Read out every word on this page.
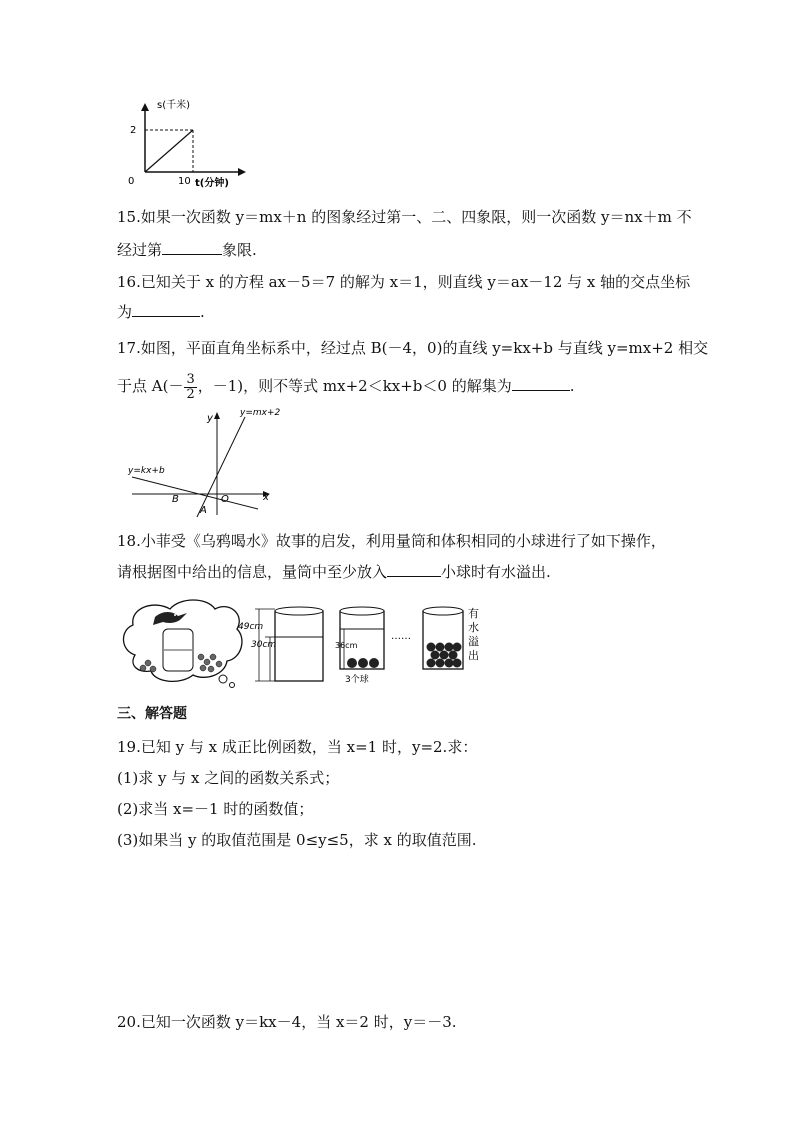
s(千米)
2
0	10 t(分钟)
15.如果一次函数 y＝mx＋n 的图象经过第一、二、四象限，则一次函数 y＝nx＋m 不
经过第	象限.
16.已知关于 x 的方程 ax－5＝7 的解为 x＝1，则直线 y＝ax－12 与 x 轴的交点坐标
为	.
17.如图，平面直角坐标系中，经过点 B(－4，0)的直线 y=kx+b 与直线 y=mx+2 相交
于点 $A(- \frac{3}{2}$ ，－1)，则不等式 mx+2＜kx+b＜0 的解集为	.
y	y=mx+2
y=kx+b
B	O	x
A
18.小菲受《乌鸦喝水》故事的启发，利用量筒和体积相同的小球进行了如下操作，
请根据图中给出的信息，量筒中至少放入	小球时有水溢出.
49cm
30cm	36cm
3个球
……
有
水
溢
出
三、解答题
19.已知 y 与 x 成正比例函数，当 x=1 时，y=2.求：
(1)求 y 与 x 之间的函数关系式；
(2)求当 x=－1 时的函数值；
(3)如果当 y 的取值范围是 0≤y≤5，求 x 的取值范围.
20.已知一次函数 y＝kx－4，当 x＝2 时，y＝－3.
